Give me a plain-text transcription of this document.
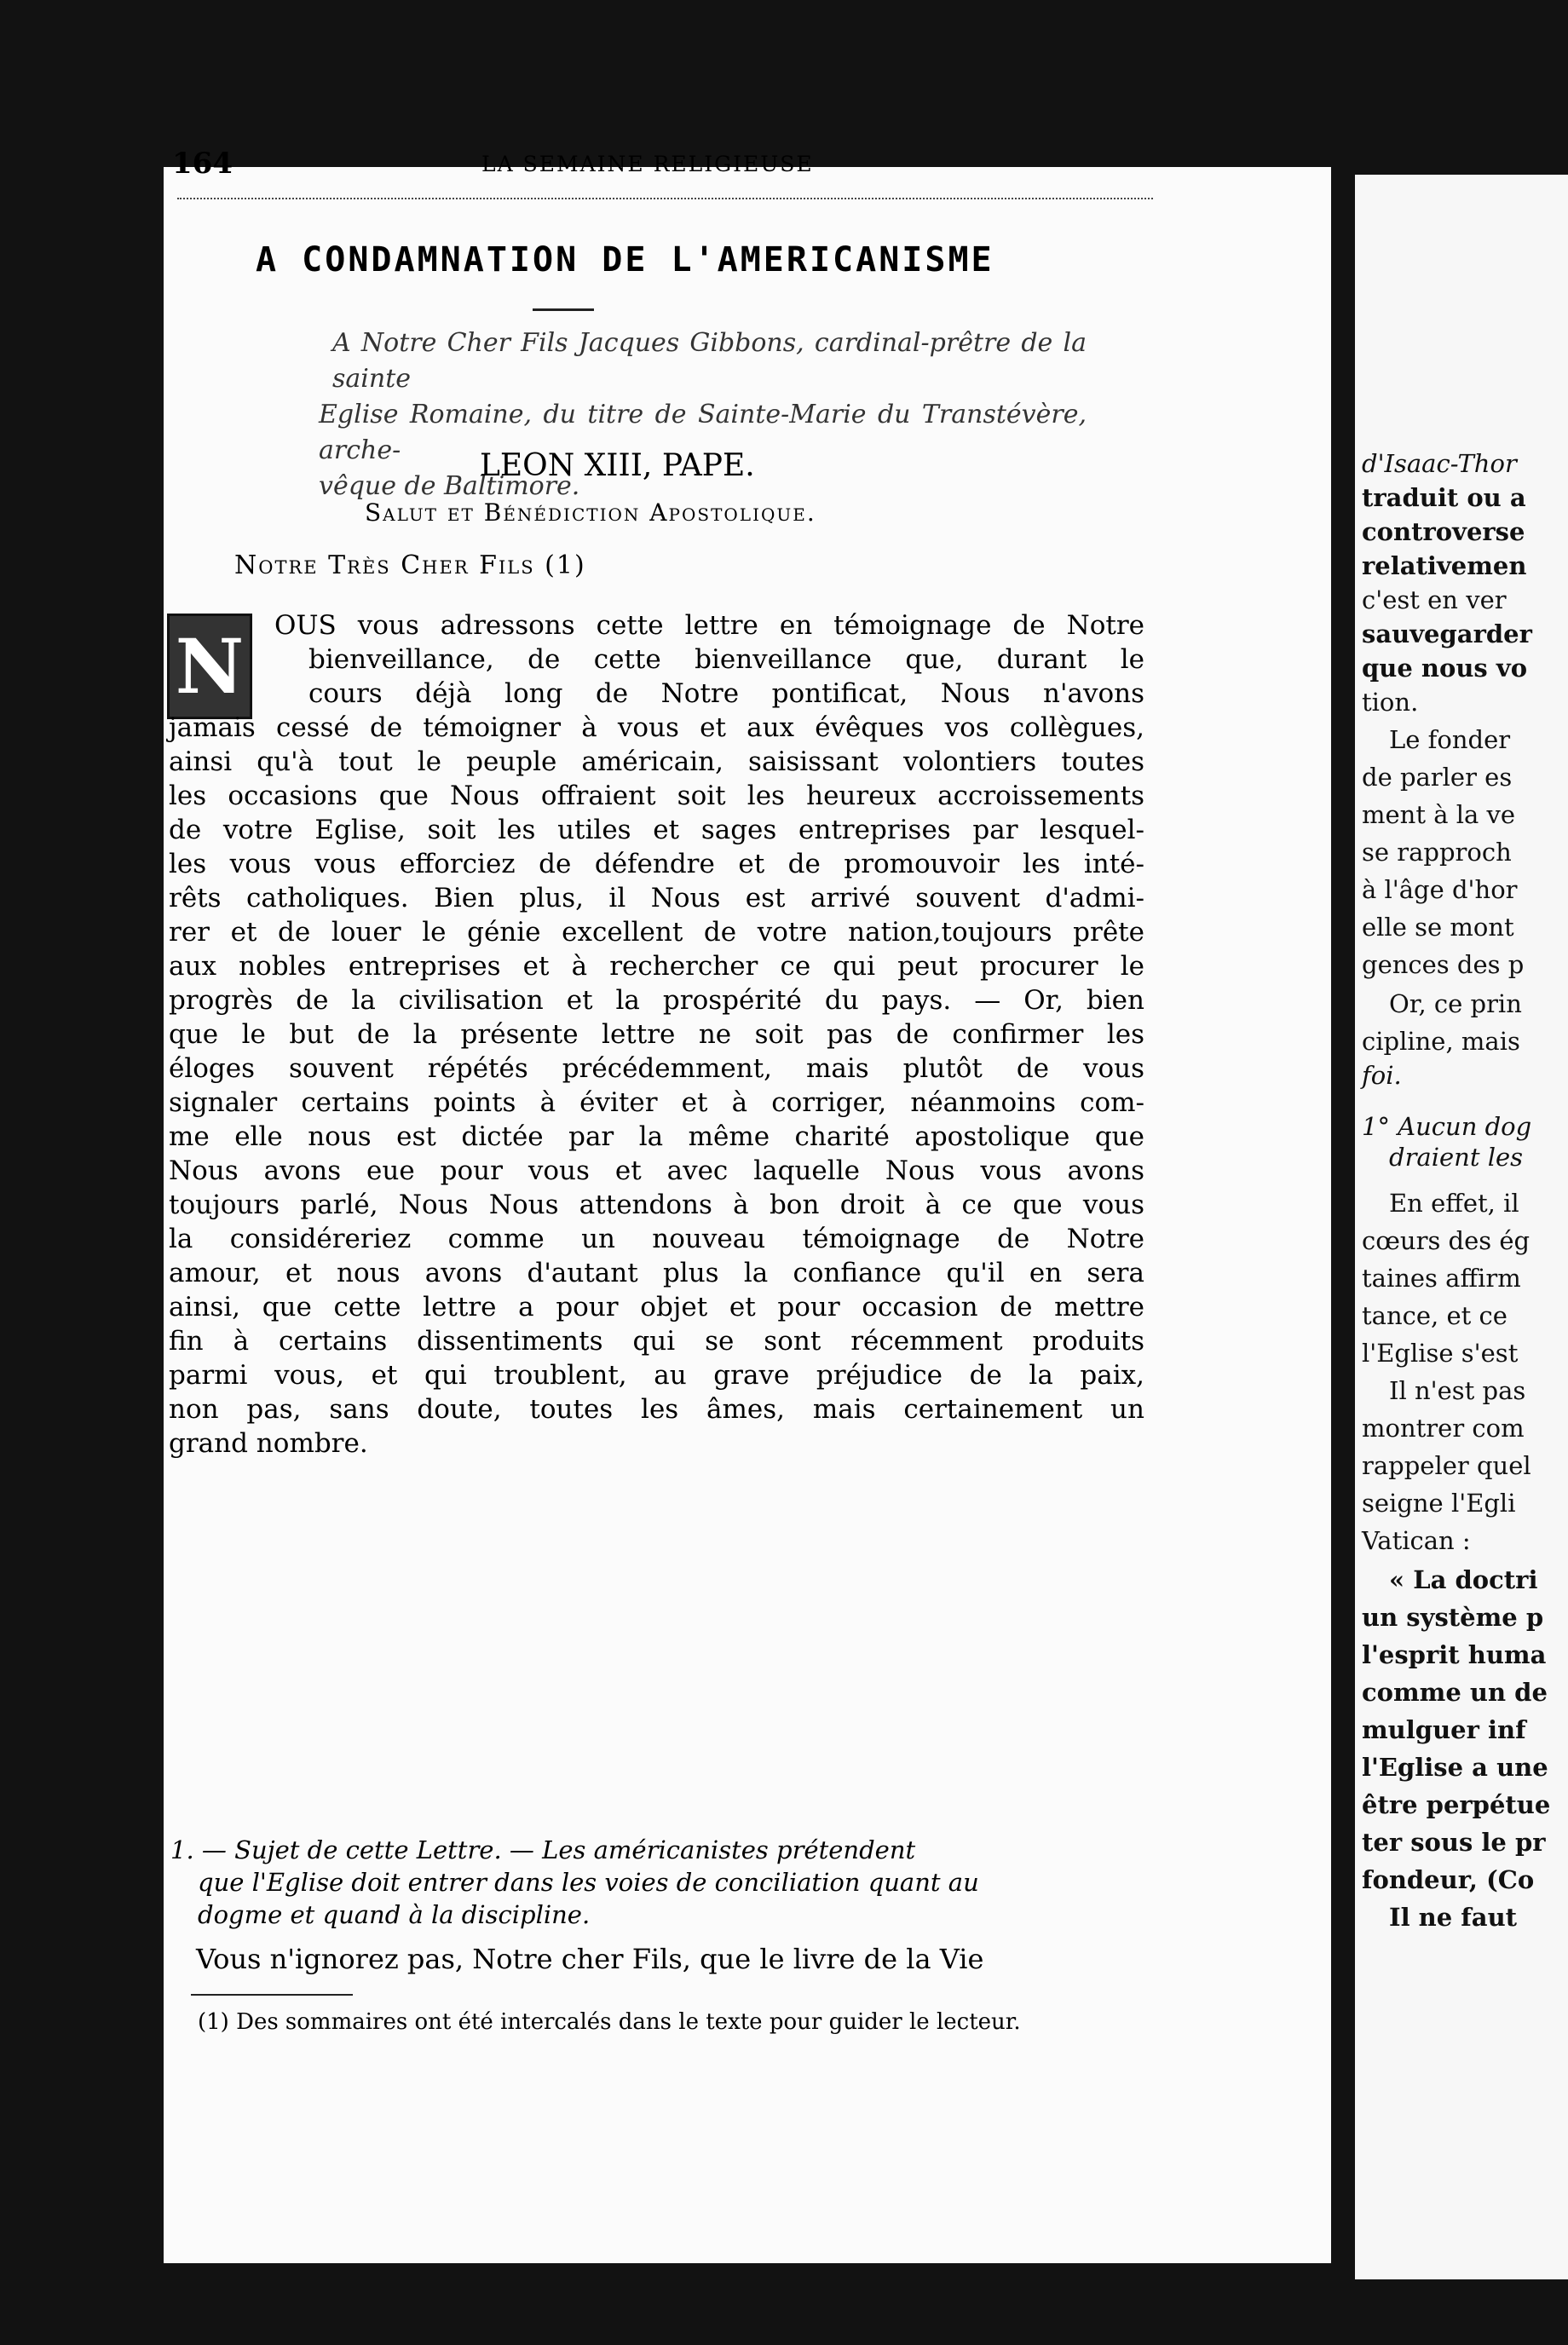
164	LA SEMAINE RELIGIEUSE
A CONDAMNATION DE L'AMERICANISME
A Notre Cher Fils Jacques Gibbons, cardinal-prêtre de la sainte
Eglise Romaine, du titre de Sainte-Marie du Transtévère, arche-
vêque de Baltimore.
LEON XIII, PAPE.
Salut et Bénédiction Apostolique.
Notre Très Cher Fils (1)
N	OUS vous adressons cette lettre en témoignage de Notre
bienveillance, de cette bienveillance que, durant le
cours déjà long de Notre pontificat, Nous n'avons
jamais cessé de témoigner à vous et aux évêques vos collègues,
ainsi qu'à tout le peuple américain, saisissant volontiers toutes
les occasions que Nous offraient soit les heureux accroissements
de votre Eglise, soit les utiles et sages entreprises par lesquel-
les vous vous efforciez de défendre et de promouvoir les inté-
rêts catholiques. Bien plus, il Nous est arrivé souvent d'admi-
rer et de louer le génie excellent de votre nation,toujours prête
aux nobles entreprises et à rechercher ce qui peut procurer le
progrès de la civilisation et la prospérité du pays. — Or, bien
que le but de la présente lettre ne soit pas de confirmer les
éloges souvent répétés précédemment, mais plutôt de vous
signaler certains points à éviter et à corriger, néanmoins com-
me elle nous est dictée par la même charité apostolique que
Nous avons eue pour vous et avec laquelle Nous vous avons
toujours parlé, Nous Nous attendons à bon droit à ce que vous
la considéreriez comme un nouveau témoignage de Notre
amour, et nous avons d'autant plus la confiance qu'il en sera
ainsi, que cette lettre a pour objet et pour occasion de mettre
fin à certains dissentiments qui se sont récemment produits
parmi vous, et qui troublent, au grave préjudice de la paix,
non pas, sans doute, toutes les âmes, mais certainement un
grand nombre.
1. — Sujet de cette Lettre. — Les américanistes prétendent
que l'Eglise doit entrer dans les voies de conciliation quant au
dogme et quand à la discipline.
Vous n'ignorez pas, Notre cher Fils, que le livre de la Vie
(1) Des sommaires ont été intercalés dans le texte pour guider le lecteur.
d'Isaac-Thor
traduit ou a
controverse
relativemen
c'est en ver
sauvegarder
que nous vo
tion.
Le fonder
de parler es
ment à la ve
se rapproch
à l'âge d'hor
elle se mont
gences des p
Or, ce prin
cipline, mais
foi.
1° Aucun dog
draient les
En effet, il
cœurs des ég
taines affirm
tance, et ce
l'Eglise s'est
Il n'est pas
montrer com
rappeler quel
seigne l'Egli
Vatican :
« La doctri
un système p
l'esprit huma
comme un de
mulguer inf
l'Eglise a une
être perpétue
ter sous le pr
fondeur, (Co
Il ne faut
